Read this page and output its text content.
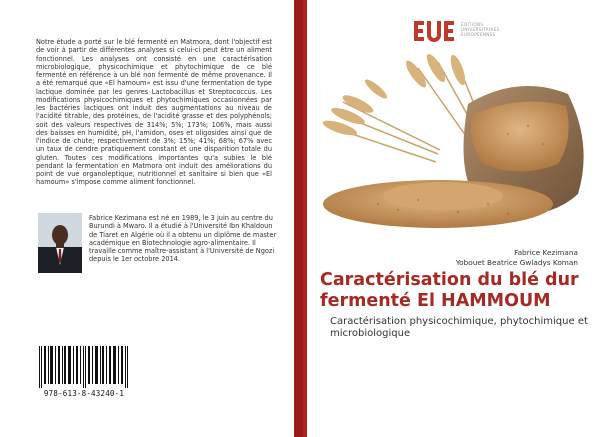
Notre étude a porté sur le blé fermenté en Matmora, dont l'objectif est de voir à partir de différentes analyses si celui-ci peut être un aliment fonctionnel. Les analyses ont consisté en une caractérisation microbiologique, physicochimique et phytochimique de ce blé fermenté en référence à un blé non fermenté de même provenance. Il a été remarqué que «El hamoum» est issu d'une fermentation de type lactique dominée par les genres Lactobacillus et Streptococcus. Les modifications physicochimiques et phytochimiques occasionnées par les bactéries lactiques ont induit des augmentations au niveau de l'acidité titrable, des protéines, de l'acidité grasse et des polyphénols; soit des valeurs respectives de 314%; 5%; 173%; 106%, mais aussi des baisses en humidité, pH, l'amidon, oses et oligosides ainsi que de l'indice de chute; respectivement de 3%; 15%; 41%; 68%; 67% avec un taux de cendre pratiquement constant et une disparition totale du gluten. Toutes ces modifications importantes qu'a subies le blé pendant la fermentation en Matmora ont induit des améliorations du point de vue organoleptique, nutritionnel et sanitaire si bien que «El hamoum» s'impose comme aliment fonctionnel.

Fabrice Kezimana est né en 1989, le 3 juin au centre du Burundi à Mwaro. Il a étudié à l'Université Ibn Khaldoun de Tiaret en Algérie où il a obtenu un diplôme de master académique en Biotechnologie agro-alimentaire. Il travaille comme maître-assistant à l'Université de Ngozi depuis le 1er octobre 2014.

978-613-8-43240-1
ÉDITIONS
UNIVERSITAIRES
EUROPÉENNES
Fabrice Kezimana
Yobouet Beatrice Gwladys Koman
Caractérisation du blé dur fermenté El HAMMOUM

Caractérisation physicochimique, phytochimique et microbiologique
